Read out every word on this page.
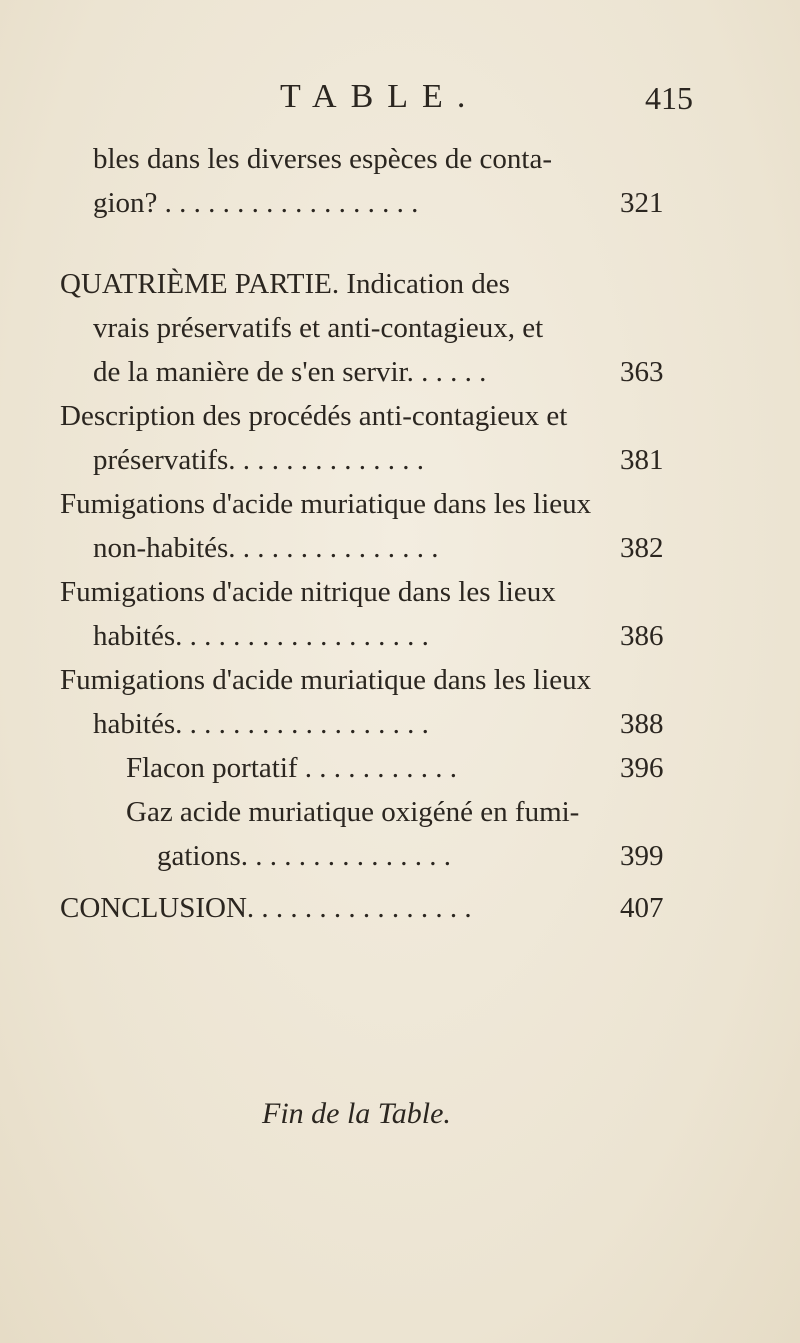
TABLE.	415
bles dans les diverses espèces de conta-
gion? . . . . . . . . . . . . . . . . . .	321
QUATRIÈME PARTIE. Indication des
vrais préservatifs et anti-contagieux, et
de la manière de s'en servir. . . . . .	363
Description des procédés anti-contagieux et
préservatifs. . . . . . . . . . . . . .	381
Fumigations d'acide muriatique dans les lieux
non-habités. . . . . . . . . . . . . . .	382
Fumigations d'acide nitrique dans les lieux
habités. . . . . . . . . . . . . . . . . .	386
Fumigations d'acide muriatique dans les lieux
habités. . . . . . . . . . . . . . . . . .	388
Flacon portatif . . . . . . . . . . .	396
Gaz acide muriatique oxigéné en fumi-
gations. . . . . . . . . . . . . . .	399
CONCLUSION. . . . . . . . . . . . . . . .	407
Fin de la Table.
